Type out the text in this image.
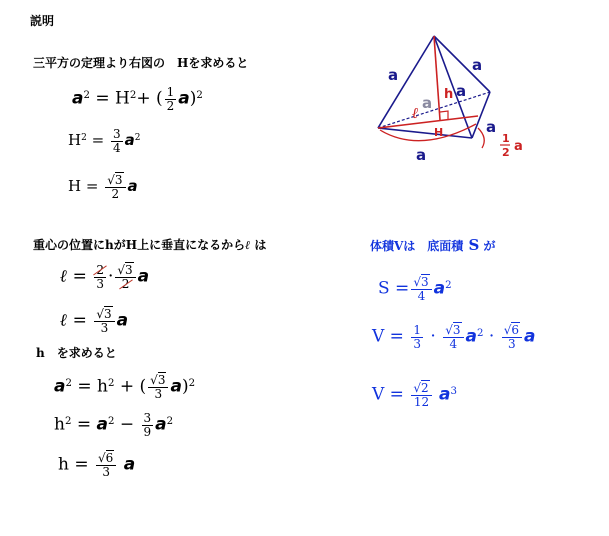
説明
三平方の定理より右図の　Hを求めると
$a^2 = H^2+$ ( $\frac{1}{2} a)^2$
$H^2 = \frac{3}{4} a^2$
H = √ $\frac{3}{2}$ a
重心の位置にhがH上に垂直になるからℓ は
ℓ = $\frac{2}{3}$ · √ $\frac{3}{2}$ a
ℓ = √ $\frac{3}{3}$ a
h　を求めると
$a^2 = h^2$ + ( √ $\frac{3}{3} a)^2$
$h^2 = a^2 - \frac{3}{9} a^2$
h = √ $\frac{6}{3}$ a
体積Vは　底面積 S が
S = √ $\frac{3}{4} a^2$
$V = \frac{1}{3}$ · √ $\frac{3}{4} a^2$ · √ $\frac{6}{3}$ a
V = √ $\frac{2}{12} a^3$
a
a
a
a
a
a h
H
ℓ
1
2 a
